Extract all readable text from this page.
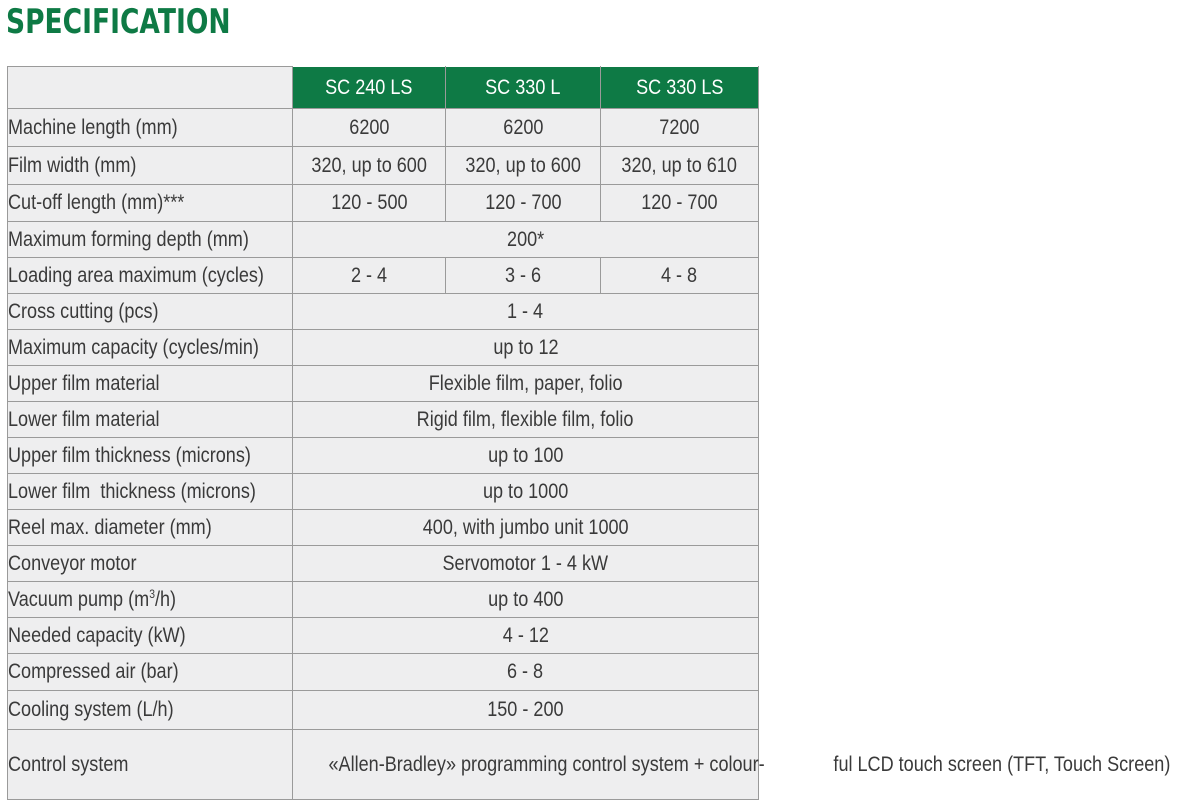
SPECIFICATION
	SC 240 LS	SC 330 L	SC 330 LS
Machine length (mm)	6200	6200	7200
Film width (mm)	320, up to 600	320, up to 600	320, up to 610
Cut-off length (mm)***	120 - 500	120 - 700	120 - 700
Maximum forming depth (mm)	200*		
Loading area maximum (cycles)	2 - 4	3 - 6	4 - 8
Cross cutting (pcs)	1 - 4		
Maximum capacity (cycles/min)	up to 12		
Upper film material	Flexible film, paper, folio		
Lower film material	Rigid film, flexible film, folio		
Upper film thickness (microns)	up to 100		
Lower film  thickness (microns)	up to 1000		
Reel max. diameter (mm)	400, with jumbo unit 1000		
Conveyor motor	Servomotor 1 - 4 kW		
Vacuum pump $(m^3/h)$	up to 400		
Needed capacity (kW)	4 - 12		
Compressed air (bar)	6 - 8		
Cooling system (L/h)	150 - 200		
Control system	«Allen-Bradley» programming control system + colour- ful LCD touch screen (TFT, Touch Screen)		
